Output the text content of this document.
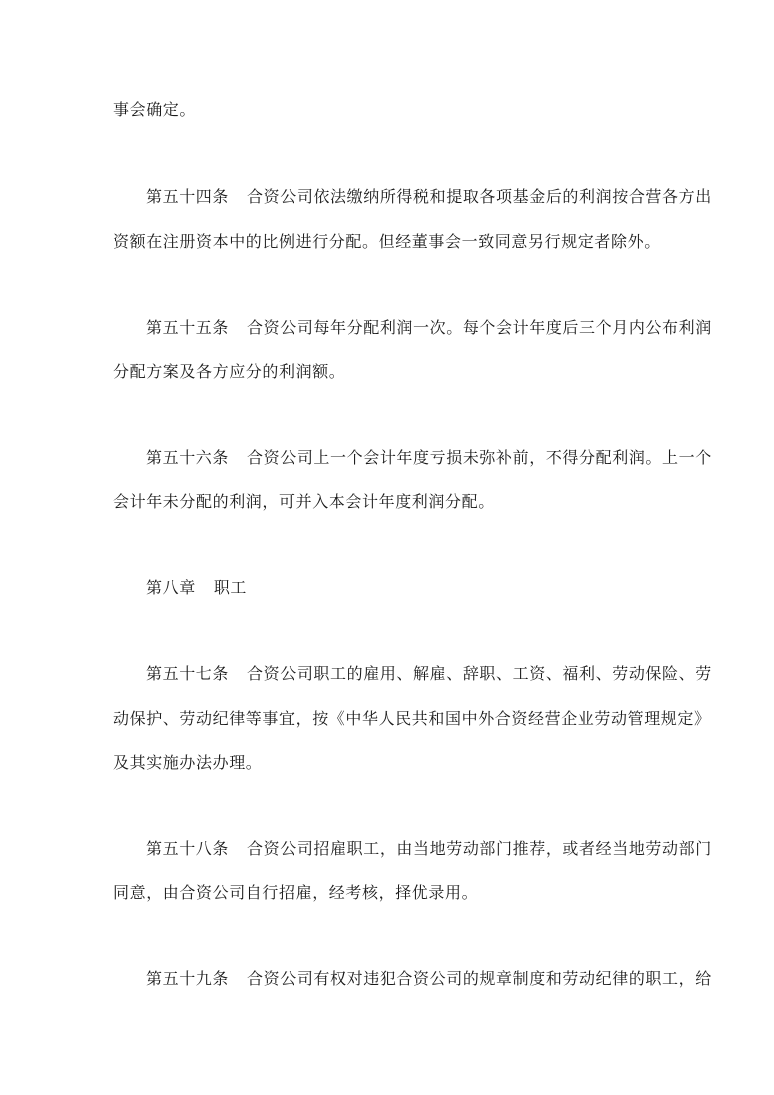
事会确定。
第五十四条 合资公司依法缴纳所得税和提取各项基金后的利润按合营各方出
资额在注册资本中的比例进行分配。但经董事会一致同意另行规定者除外。
第五十五条 合资公司每年分配利润一次。每个会计年度后三个月内公布利润
分配方案及各方应分的利润额。
第五十六条 合资公司上一个会计年度亏损未弥补前，不得分配利润。上一个
会计年未分配的利润，可并入本会计年度利润分配。
第八章 职工
第五十七条 合资公司职工的雇用、解雇、辞职、工资、福利、劳动保险、劳
动保护、劳动纪律等事宜，按《中华人民共和国中外合资经营企业劳动管理规定》
及其实施办法办理。
第五十八条 合资公司招雇职工，由当地劳动部门推荐，或者经当地劳动部门
同意，由合资公司自行招雇，经考核，择优录用。
第五十九条 合资公司有权对违犯合资公司的规章制度和劳动纪律的职工，给
